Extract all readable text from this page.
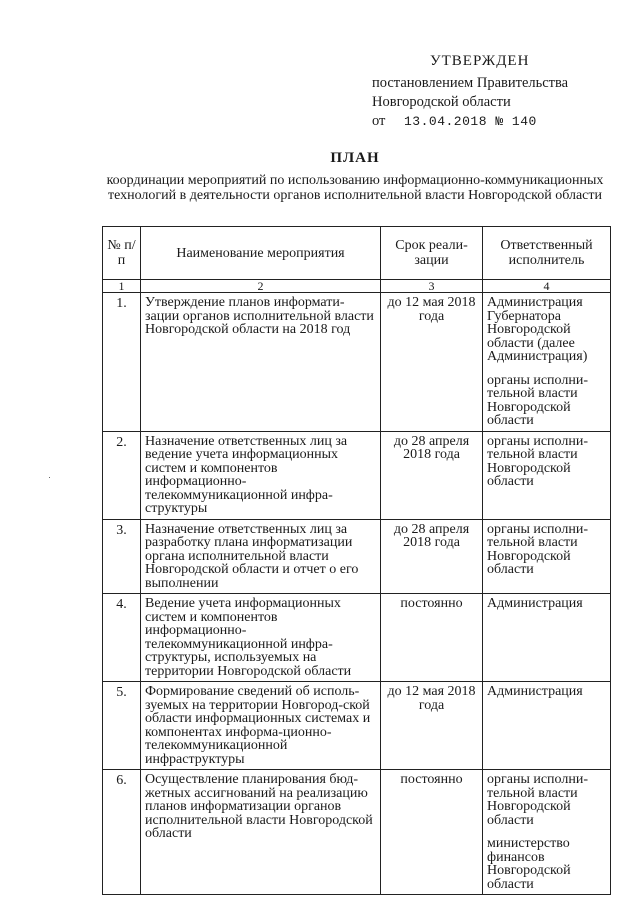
УТВЕРЖДЕН
постановлением Правительства
Новгородской области
от 13.04.2018 № 140
ПЛАН
координации мероприятий по использованию информационно-коммуникационных технологий в деятельности органов исполнительной власти Новгородской области
№ п/п	Наименование мероприятия	Срок реали-зации	Ответственный исполнитель
1	2	3	4
1.	Утверждение планов информати-зации органов исполнительной власти Новгородской области на 2018 год	до 12 мая 2018 года	Администрация Губернатора Новгородской области (далее Администрация)
органы исполни-тельной власти Новгородской области

2.	Назначение ответственных лиц за ведение учета информационных систем и компонентов информационно-телекоммуникационной инфра-структуры	до 28 апреля 2018 года	органы исполни-тельной власти Новгородской области

3.	Назначение ответственных лиц за разработку плана информатизации органа исполнительной власти Новгородской области и отчет о его выполнении	до 28 апреля 2018 года	органы исполни-тельной власти Новгородской области

4.	Ведение учета информационных систем и компонентов информационно-телекоммуникационной инфра-структуры, используемых на территории Новгородской области	постоянно	Администрация

5.	Формирование сведений об исполь-зуемых на территории Новгород-ской области информационных системах и компонентах информа-ционно-телекоммуникационной инфраструктуры	до 12 мая 2018 года	Администрация

6.	Осуществление планирования бюд-жетных ассигнований на реализацию планов информатизации органов исполнительной власти Новгородской области	постоянно	органы исполни-тельной власти Новгородской области
министерство финансов Новгородской области
